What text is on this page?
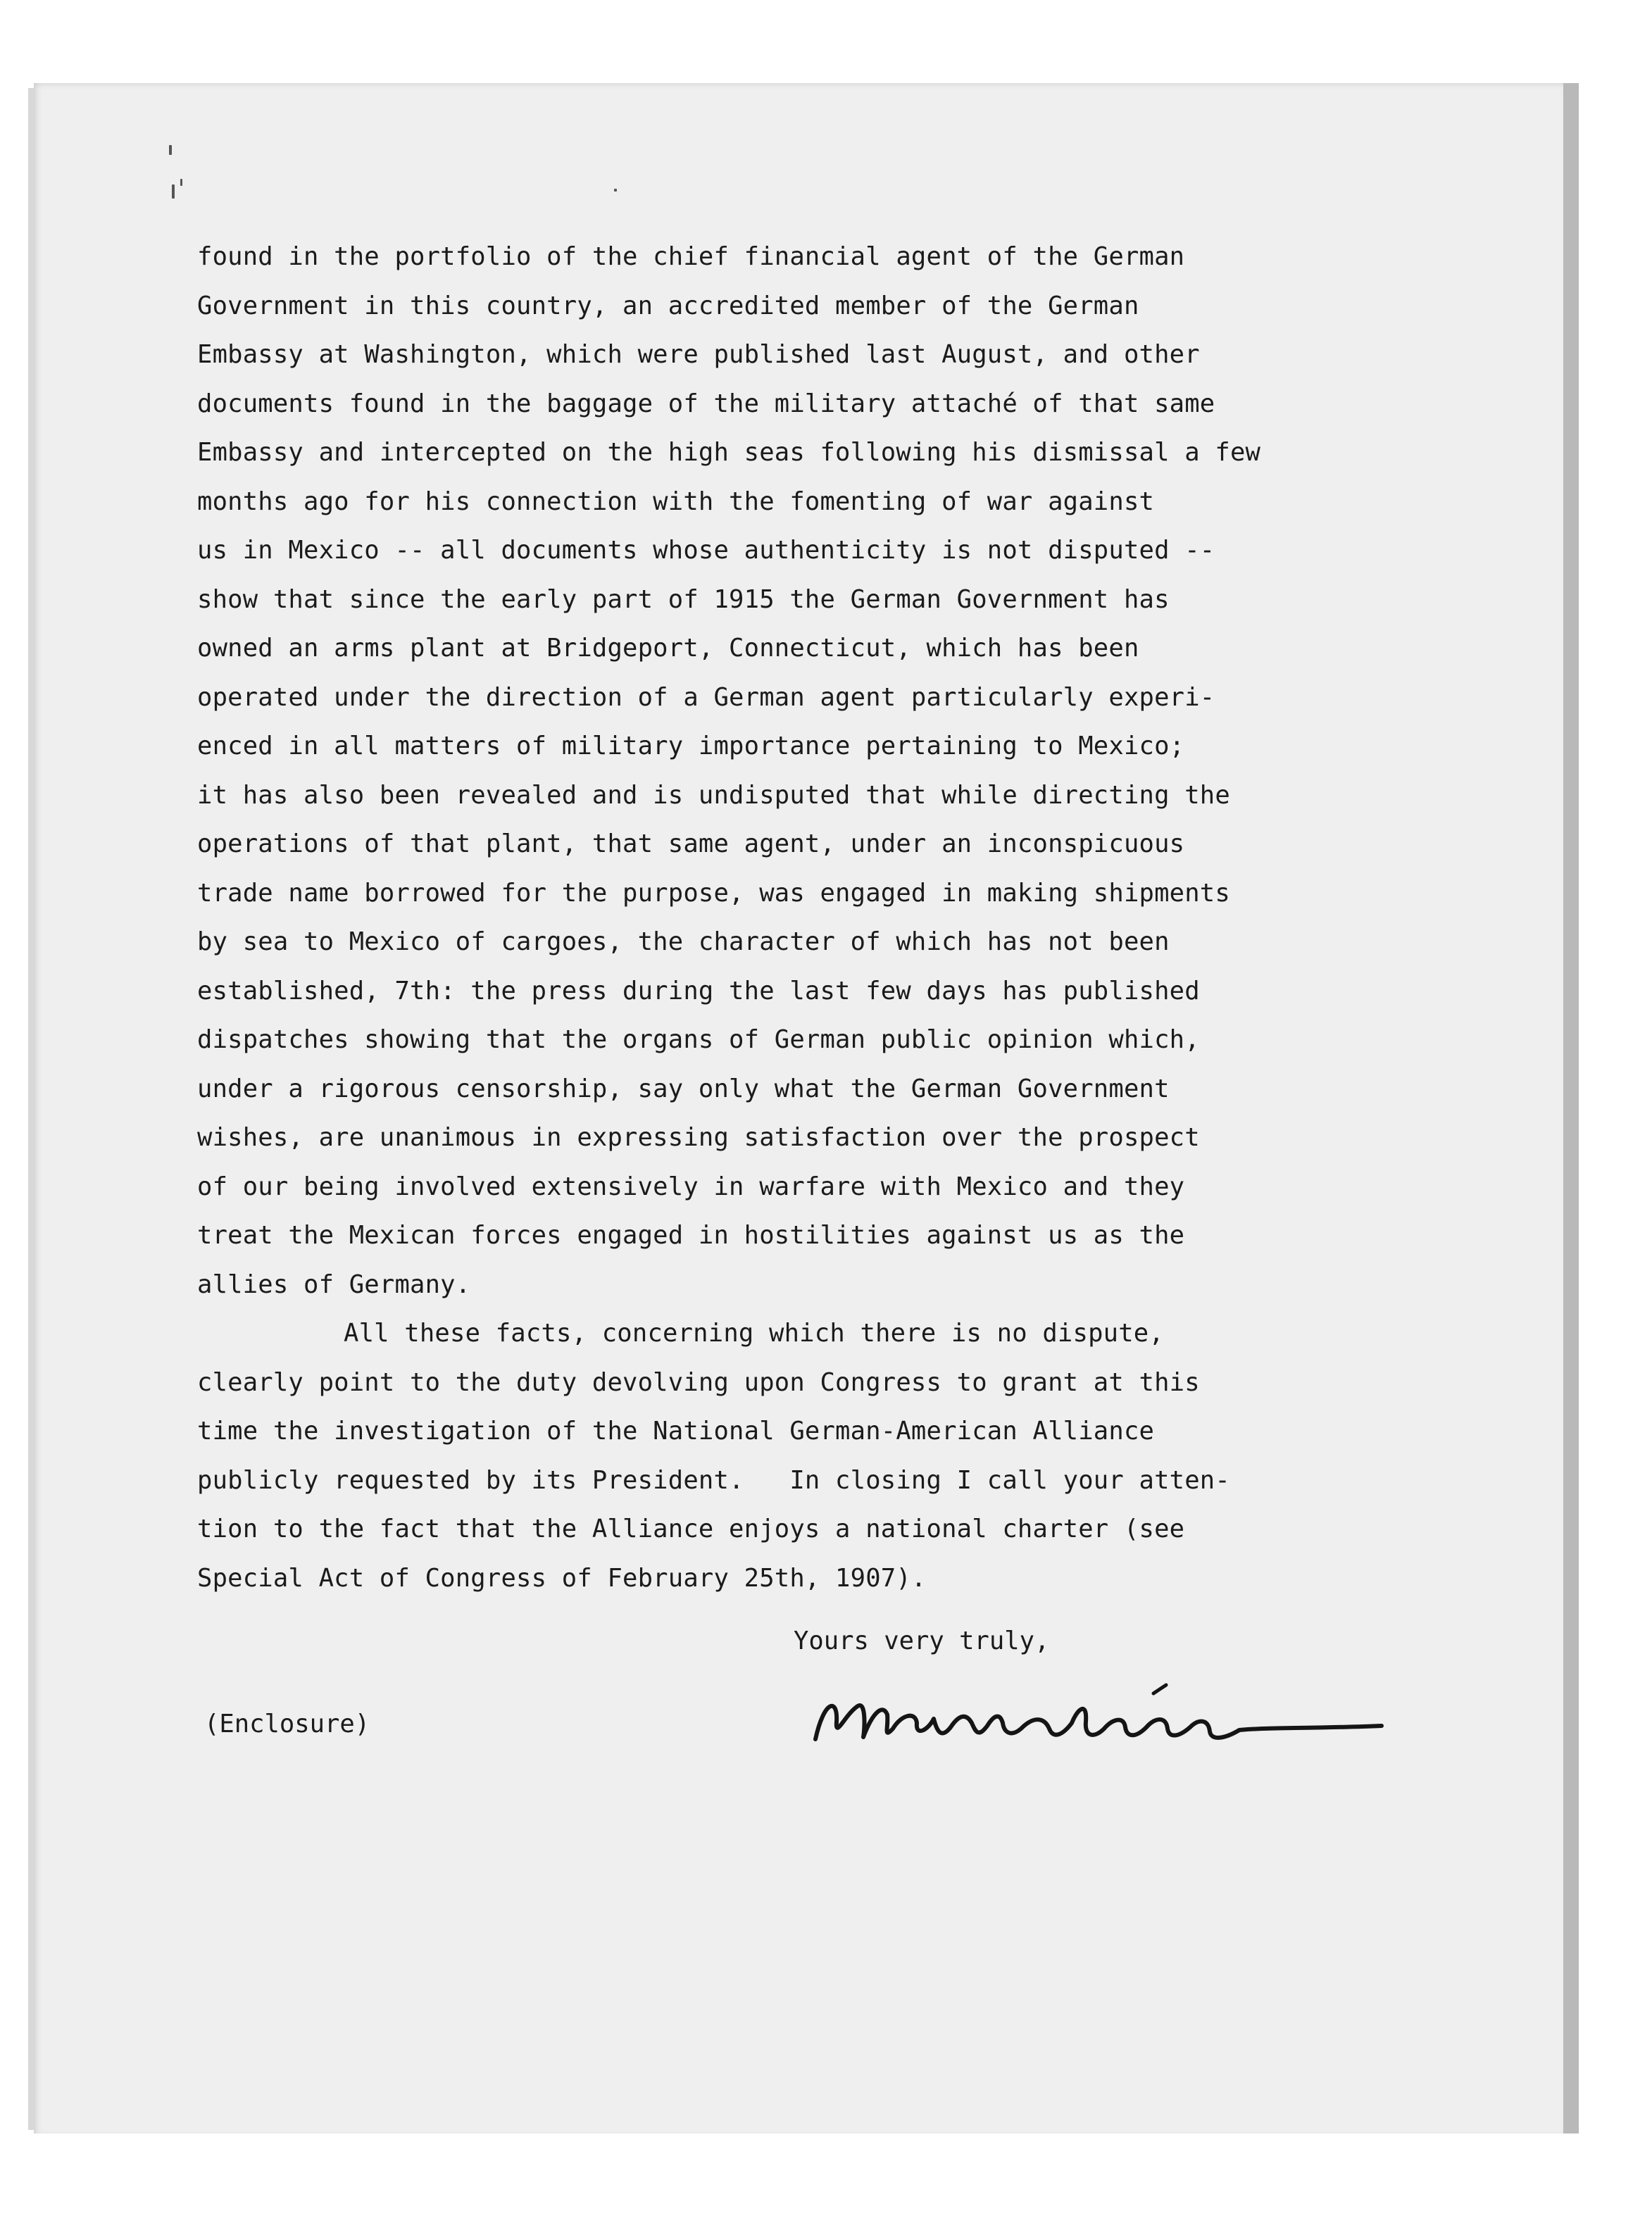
found in the portfolio of the chief financial agent of the German
Government in this country, an accredited member of the German
Embassy at Washington, which were published last August, and other
documents found in the baggage of the military attaché of that same
Embassy and intercepted on the high seas following his dismissal a few
months ago for his connection with the fomenting of war against
us in Mexico -- all documents whose authenticity is not disputed --
show that since the early part of 1915 the German Government has
owned an arms plant at Bridgeport, Connecticut, which has been
operated under the direction of a German agent particularly experi-
enced in all matters of military importance pertaining to Mexico;
it has also been revealed and is undisputed that while directing the
operations of that plant, that same agent, under an inconspicuous
trade name borrowed for the purpose, was engaged in making shipments
by sea to Mexico of cargoes, the character of which has not been
established, 7th: the press during the last few days has published
dispatches showing that the organs of German public opinion which,
under a rigorous censorship, say only what the German Government
wishes, are unanimous in expressing satisfaction over the prospect
of our being involved extensively in warfare with Mexico and they
treat the Mexican forces engaged in hostilities against us as the
allies of Germany.
All these facts, concerning which there is no dispute,
clearly point to the duty devolving upon Congress to grant at this
time the investigation of the National German-American Alliance
publicly requested by its President.   In closing I call your atten-
tion to the fact that the Alliance enjoys a national charter (see
Special Act of Congress of February 25th, 1907).
Yours very truly,
(Enclosure)
